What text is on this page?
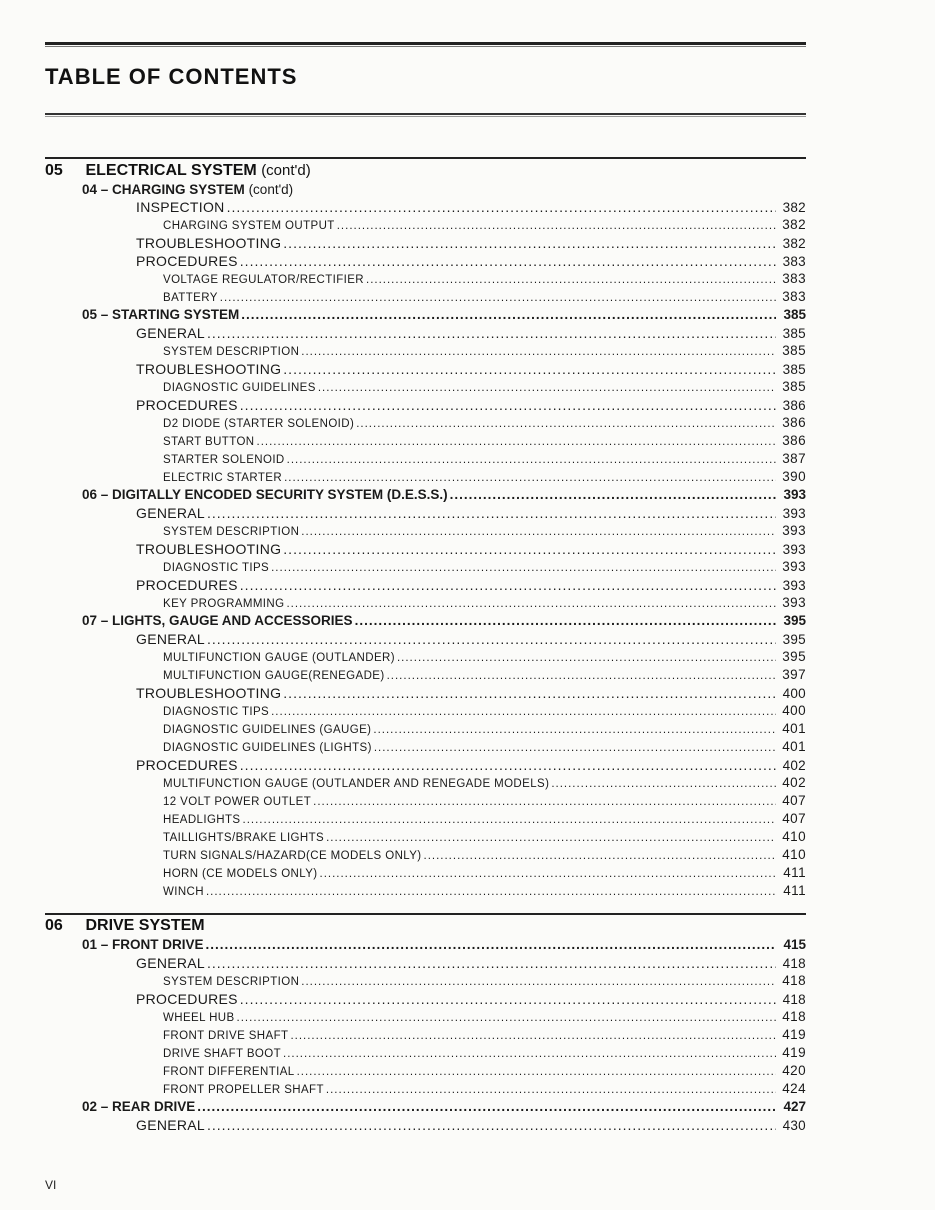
TABLE OF CONTENTS
05 ELECTRICAL SYSTEM (cont'd)
04 – CHARGING SYSTEM (cont'd)
INSPECTION .....	382
CHARGING SYSTEM OUTPUT .....	382
TROUBLESHOOTING .....	382
PROCEDURES .....	383
VOLTAGE REGULATOR/RECTIFIER .....	383
BATTERY .....	383
05 – STARTING SYSTEM .....	385
GENERAL .....	385
SYSTEM DESCRIPTION .....	385
TROUBLESHOOTING .....	385
DIAGNOSTIC GUIDELINES .....	385
PROCEDURES .....	386
D2 DIODE (STARTER SOLENOID) .....	386
START BUTTON .....	386
STARTER SOLENOID .....	387
ELECTRIC STARTER .....	390
06 – DIGITALLY ENCODED SECURITY SYSTEM (D.E.S.S.) .....	393
GENERAL .....	393
SYSTEM DESCRIPTION .....	393
TROUBLESHOOTING .....	393
DIAGNOSTIC TIPS .....	393
PROCEDURES .....	393
KEY PROGRAMMING .....	393
07 – LIGHTS, GAUGE AND ACCESSORIES .....	395
GENERAL .....	395
MULTIFUNCTION GAUGE (OUTLANDER) .....	395
MULTIFUNCTION GAUGE(RENEGADE) .....	397
TROUBLESHOOTING .....	400
DIAGNOSTIC TIPS .....	400
DIAGNOSTIC GUIDELINES (GAUGE) .....	401
DIAGNOSTIC GUIDELINES (LIGHTS) .....	401
PROCEDURES .....	402
MULTIFUNCTION GAUGE (OUTLANDER AND RENEGADE MODELS) .....	402
12 VOLT POWER OUTLET .....	407
HEADLIGHTS .....	407
TAILLIGHTS/BRAKE LIGHTS .....	410
TURN SIGNALS/HAZARD(CE MODELS ONLY) .....	410
HORN (CE MODELS ONLY) .....	411
WINCH .....	411
06 DRIVE SYSTEM
01 – FRONT DRIVE .....	415
GENERAL .....	418
SYSTEM DESCRIPTION .....	418
PROCEDURES .....	418
WHEEL HUB .....	418
FRONT DRIVE SHAFT .....	419
DRIVE SHAFT BOOT .....	419
FRONT DIFFERENTIAL .....	420
FRONT PROPELLER SHAFT .....	424
02 – REAR DRIVE .....	427
GENERAL .....	430
VI
